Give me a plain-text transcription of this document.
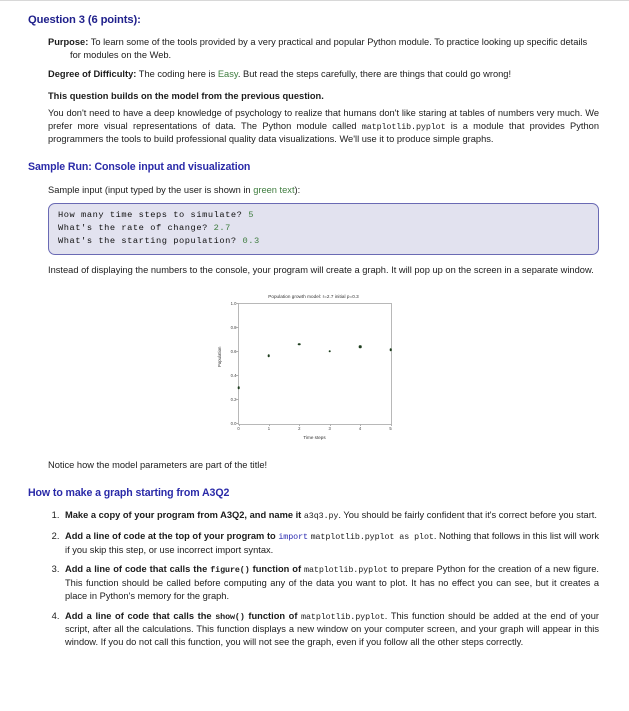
Question 3 (6 points):

Purpose: To learn some of the tools provided by a very practical and popular Python module. To practice looking up specific details for modules on the Web.

Degree of Difficulty: The coding here is Easy. But read the steps carefully, there are things that could go wrong!

This question builds on the model from the previous question.

You don't need to have a deep knowledge of psychology to realize that humans don't like staring at tables of numbers very much. We prefer more visual representations of data. The Python module called matplotlib.pyplot is a module that provides Python programmers the tools to build professional quality data visualizations. We'll use it to produce simple graphs.

Sample Run: Console input and visualization

Sample input (input typed by the user is shown in green text):

How many time steps to simulate? 5
What's the rate of change? 2.7
What's the starting population? 0.3

Instead of displaying the numbers to the console, your program will create a graph. It will pop up on the screen in a separate window.

Population growth model: r=2.7 initial p=0.3
0.0
0.2
0.4
0.6
0.8
1.0
0	1	2	3	4	5
Population
Time steps

Notice how the model parameters are part of the title!

How to make a graph starting from A3Q2
1. Make a copy of your program from A3Q2, and name it a3q3.py. You should be fairly confident that it's correct before you start.
2. Add a line of code at the top of your program to import matplotlib.pyplot as plot. Nothing that follows in this list will work if you skip this step, or use incorrect import syntax.
3. Add a line of code that calls the figure() function of matplotlib.pyplot to prepare Python for the creation of a new figure. This function should be called before computing any of the data you want to plot. It has no effect you can see, but it creates a place in Python's memory for the graph.
4. Add a line of code that calls the show() function of matplotlib.pyplot. This function should be added at the end of your script, after all the calculations. This function displays a new window on your computer screen, and your graph will appear in this window. If you do not call this function, you will not see the graph, even if you follow all the other steps correctly.
